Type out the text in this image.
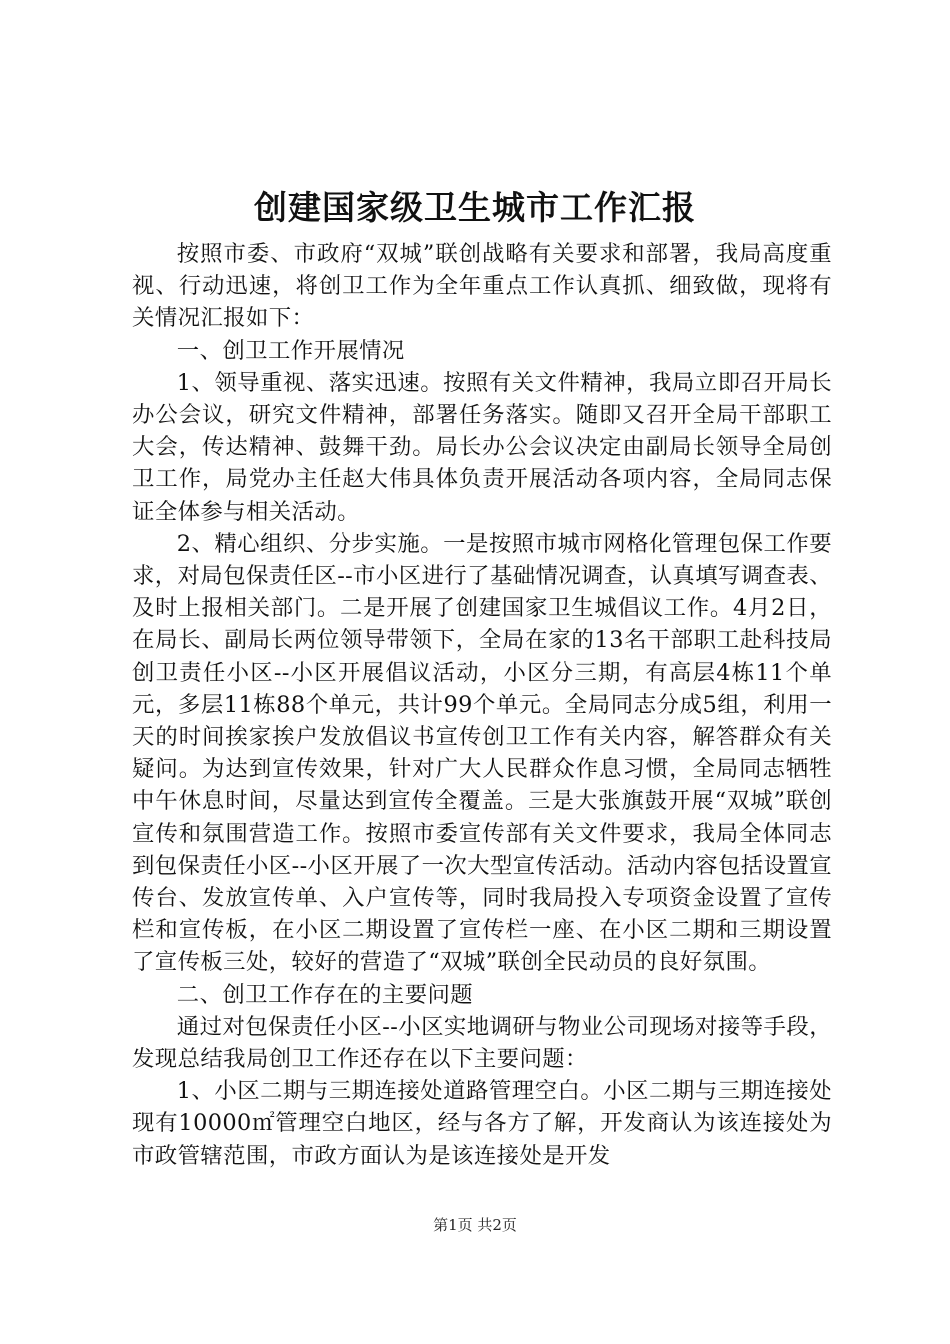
创建国家级卫生城市工作汇报

按照市委、市政府“双城”联创战略有关要求和部署，我局高度重视、行动迅速，将创卫工作为全年重点工作认真抓、细致做，现将有关情况汇报如下：

一、创卫工作开展情况

1、领导重视、落实迅速。按照有关文件精神，我局立即召开局长办公会议，研究文件精神，部署任务落实。随即又召开全局干部职工大会，传达精神、鼓舞干劲。局长办公会议决定由副局长领导全局创卫工作，局党办主任赵大伟具体负责开展活动各项内容，全局同志保证全体参与相关活动。

2、精心组织、分步实施。一是按照市城市网格化管理包保工作要求，对局包保责任区--市小区进行了基础情况调查，认真填写调查表、及时上报相关部门。二是开展了创建国家卫生城倡议工作。4月2日，在局长、副局长两位领导带领下，全局在家的13名干部职工赴科技局创卫责任小区--小区开展倡议活动，小区分三期，有高层4栋11个单元，多层11栋88个单元，共计99个单元。全局同志分成5组，利用一天的时间挨家挨户发放倡议书宣传创卫工作有关内容，解答群众有关疑问。为达到宣传效果，针对广大人民群众作息习惯，全局同志牺牲中午休息时间，尽量达到宣传全覆盖。三是大张旗鼓开展“双城”联创宣传和氛围营造工作。按照市委宣传部有关文件要求，我局全体同志到包保责任小区--小区开展了一次大型宣传活动。活动内容包括设置宣传台、发放宣传单、入户宣传等，同时我局投入专项资金设置了宣传栏和宣传板，在小区二期设置了宣传栏一座、在小区二期和三期设置了宣传板三处，较好的营造了“双城”联创全民动员的良好氛围。

二、创卫工作存在的主要问题

通过对包保责任小区--小区实地调研与物业公司现场对接等手段，发现总结我局创卫工作还存在以下主要问题：

1、小区二期与三期连接处道路管理空白。小区二期与三期连接处现有10000㎡管理空白地区，经与各方了解，开发商认为该连接处为市政管辖范围，市政方面认为是该连接处是开发

第1页 共2页
